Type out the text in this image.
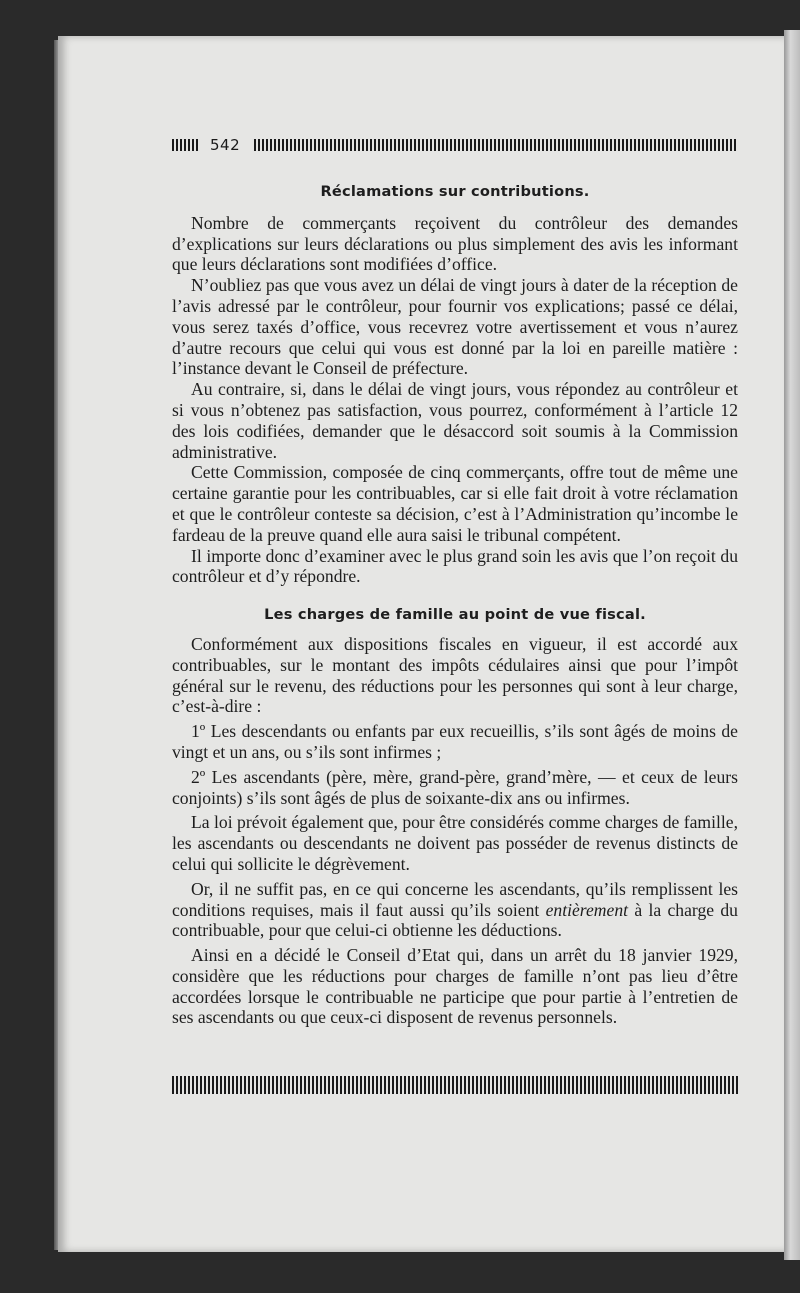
542
Réclamations sur contributions.

Nombre de commerçants reçoivent du contrôleur des demandes d’explications sur leurs déclarations ou plus simplement des avis les informant que leurs déclarations sont modifiées d’office.

N’oubliez pas que vous avez un délai de vingt jours à dater de la réception de l’avis adressé par le contrôleur, pour fournir vos explications; passé ce délai, vous serez taxés d’office, vous recevrez votre avertissement et vous n’aurez d’autre recours que celui qui vous est donné par la loi en pareille matière : l’instance devant le Conseil de préfecture.

Au contraire, si, dans le délai de vingt jours, vous répondez au contrôleur et si vous n’obtenez pas satisfaction, vous pourrez, conformément à l’article 12 des lois codifiées, demander que le désaccord soit soumis à la Commission administrative.

Cette Commission, composée de cinq commerçants, offre tout de même une certaine garantie pour les contribuables, car si elle fait droit à votre réclamation et que le contrôleur conteste sa décision, c’est à l’Administration qu’incombe le fardeau de la preuve quand elle aura saisi le tribunal compétent.

Il importe donc d’examiner avec le plus grand soin les avis que l’on reçoit du contrôleur et d’y répondre.

Les charges de famille au point de vue fiscal.

Conformément aux dispositions fiscales en vigueur, il est accordé aux contribuables, sur le montant des impôts cédulaires ainsi que pour l’impôt général sur le revenu, des réductions pour les personnes qui sont à leur charge, c’est-à-dire :

1º Les descendants ou enfants par eux recueillis, s’ils sont âgés de moins de vingt et un ans, ou s’ils sont infirmes ;

2º Les ascendants (père, mère, grand-père, grand’mère, — et ceux de leurs conjoints) s’ils sont âgés de plus de soixante-dix ans ou infirmes.

La loi prévoit également que, pour être considérés comme charges de famille, les ascendants ou descendants ne doivent pas posséder de revenus distincts de celui qui sollicite le dégrèvement.

Or, il ne suffit pas, en ce qui concerne les ascendants, qu’ils remplissent les conditions requises, mais il faut aussi qu’ils soient entièrement à la charge du contribuable, pour que celui-ci obtienne les déductions.

Ainsi en a décidé le Conseil d’Etat qui, dans un arrêt du 18 janvier 1929, considère que les réductions pour charges de famille n’ont pas lieu d’être accordées lorsque le contribuable ne participe que pour partie à l’entretien de ses ascendants ou que ceux-ci disposent de revenus personnels.
